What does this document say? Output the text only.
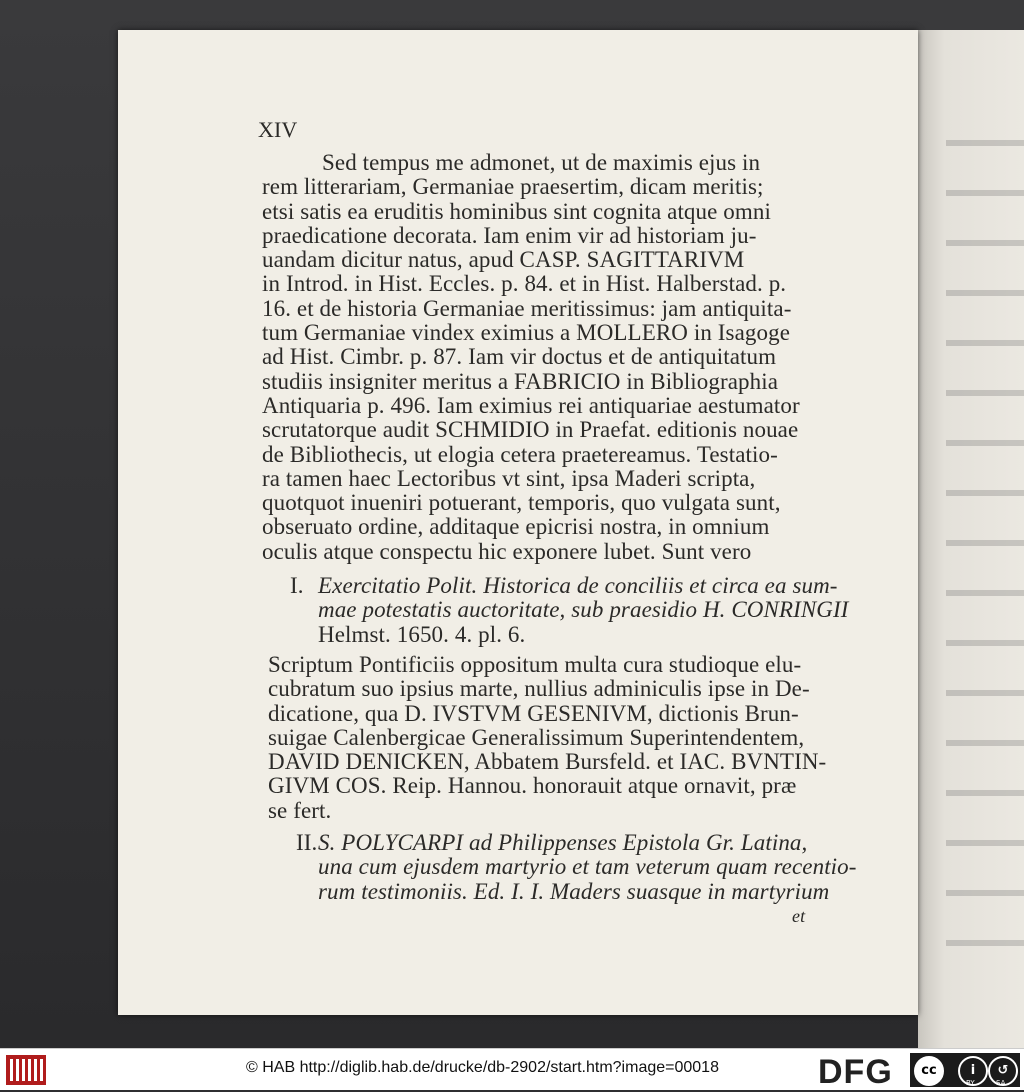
XIV
Sed tempus me admonet, ut de maximis ejus in
rem litterariam, Germaniae praesertim, dicam meritis;
etsi satis ea eruditis hominibus sint cognita atque omni
praedicatione decorata. Iam enim vir ad historiam ju-
uandam dicitur natus, apud CASP. SAGITTARIVM
in Introd. in Hist. Eccles. p. 84. et in Hist. Halberstad. p.
16. et de historia Germaniae meritissimus: jam antiquita-
tum Germaniae vindex eximius a MOLLERO in Isagoge
ad Hist. Cimbr. p. 87. Iam vir doctus et de antiquitatum
studiis insigniter meritus a FABRICIO in Bibliographia
Antiquaria p. 496. Iam eximius rei antiquariae aestumator
scrutatorque audit SCHMIDIO in Praefat. editionis nouae
de Bibliothecis, ut elogia cetera praetereamus. Testatio-
ra tamen haec Lectoribus vt sint, ipsa Maderi scripta,
quotquot inueniri potuerant, temporis, quo vulgata sunt,
obseruato ordine, additaque epicrisi nostra, in omnium
oculis atque conspectu hic exponere lubet. Sunt vero
I. Exercitatio Polit. Historica de conciliis et circa ea sum-
mae potestatis auctoritate, sub praesidio H. CONRINGII
Helmst. 1650. 4. pl. 6.
Scriptum Pontificiis oppositum multa cura studioque elu-
cubratum suo ipsius marte, nullius adminiculis ipse in De-
dicatione, qua D. IVSTVM GESENIVM, dictionis Brun-
suigae Calenbergicae Generalissimum Superintendentem,
DAVID DENICKEN, Abbatem Bursfeld. et IAC. BVNTIN-
GIVM COS. Reip. Hannou. honorauit atque ornavit, præ
se fert.
II.S. POLYCARPI ad Philippenses Epistola Gr. Latina,
una cum ejusdem martyrio et tam veterum quam recentio-
rum testimoniis. Ed. I. I. Maders suasque in martyrium
et
© HAB http://diglib.hab.de/drucke/db-2902/start.htm?image=00018	DFG	cc	i	↺
BY	SA
